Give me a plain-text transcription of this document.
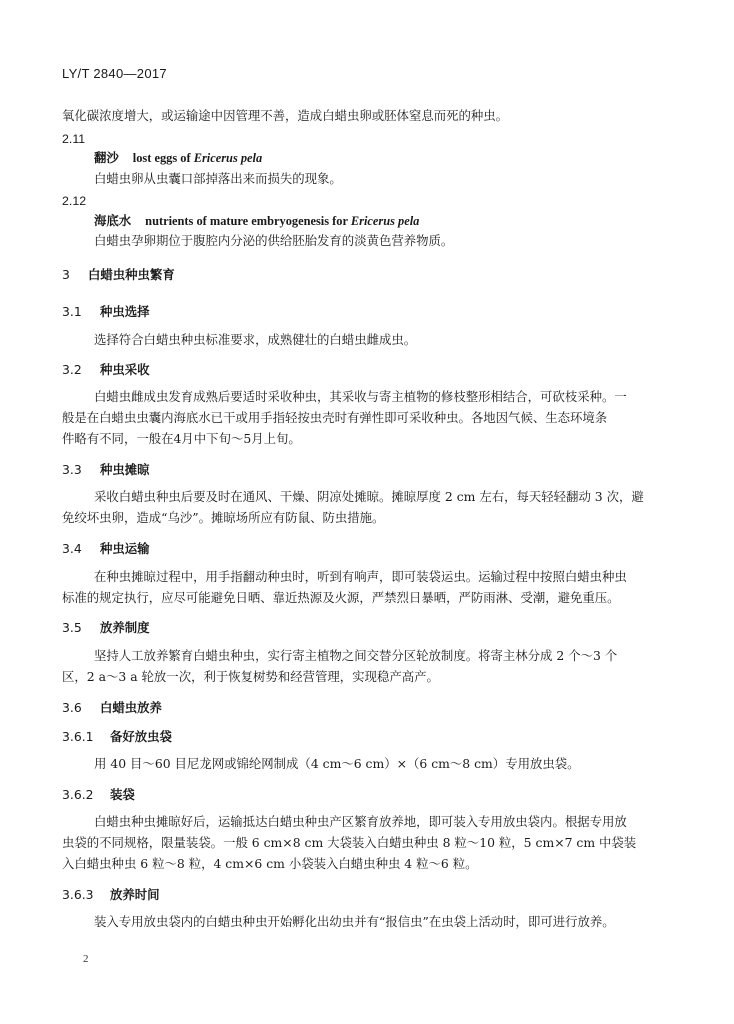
LY/T 2840—2017
氧化碳浓度增大，或运输途中因管理不善，造成白蜡虫卵或胚体窒息而死的种虫。
2.11
翻沙 lost eggs of Ericerus pela
白蜡虫卵从虫囊口部掉落出来而损失的现象。
2.12
海底水 nutrients of mature embryogenesis for Ericerus pela
白蜡虫孕卵期位于腹腔内分泌的供给胚胎发育的淡黄色营养物质。
3 白蜡虫种虫繁育
3.1 种虫选择
选择符合白蜡虫种虫标准要求，成熟健壮的白蜡虫雌成虫。
3.2 种虫采收
白蜡虫雌成虫发育成熟后要适时采收种虫，其采收与寄主植物的修枝整形相结合，可砍枝采种。一
般是在白蜡虫虫囊内海底水已干或用手指轻按虫壳时有弹性即可采收种虫。各地因气候、生态环境条
件略有不同，一般在4月中下旬～5月上旬。
3.3 种虫摊晾
采收白蜡虫种虫后要及时在通风、干燥、阴凉处摊晾。摊晾厚度 2 cm 左右，每天轻轻翻动 3 次，避
免绞坏虫卵，造成“乌沙”。摊晾场所应有防鼠、防虫措施。
3.4 种虫运输
在种虫摊晾过程中，用手指翻动种虫时，听到有响声，即可装袋运虫。运输过程中按照白蜡虫种虫
标准的规定执行，应尽可能避免日晒、靠近热源及火源，严禁烈日暴晒，严防雨淋、受潮，避免重压。
3.5 放养制度
坚持人工放养繁育白蜡虫种虫，实行寄主植物之间交替分区轮放制度。将寄主林分成 2 个～3 个
区，2 a～3 a 轮放一次，利于恢复树势和经营管理，实现稳产高产。
3.6 白蜡虫放养
3.6.1 备好放虫袋
用 40 目～60 目尼龙网或锦纶网制成（4 cm～6 cm）×（6 cm～8 cm）专用放虫袋。
3.6.2 装袋
白蜡虫种虫摊晾好后，运输抵达白蜡虫种虫产区繁育放养地，即可装入专用放虫袋内。根据专用放
虫袋的不同规格，限量装袋。一般 6 cm×8 cm 大袋装入白蜡虫种虫 8 粒～10 粒，5 cm×7 cm 中袋装
入白蜡虫种虫 6 粒～8 粒，4 cm×6 cm 小袋装入白蜡虫种虫 4 粒～6 粒。
3.6.3 放养时间
装入专用放虫袋内的白蜡虫种虫开始孵化出幼虫并有“报信虫”在虫袋上活动时，即可进行放养。
2
